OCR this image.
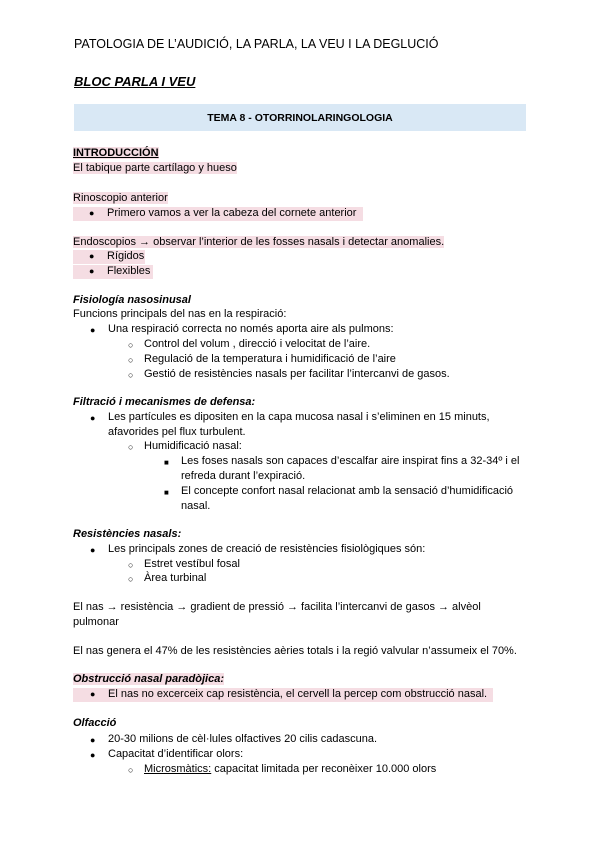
PATOLOGIA DE L’AUDICIÓ, LA PARLA, LA VEU I LA DEGLUCIÓ
BLOC PARLA I VEU
TEMA 8 - OTORRINOLARINGOLOGIA
INTRODUCCIÓN
El tabique parte cartílago y hueso
Rinoscopio anterior
● Primero vamos a ver la cabeza del cornete anterior
Endoscopios → observar l’interior de les fosses nasals i detectar anomalies.
● Rígidos
● Flexibles
Fisiología nasosinusal
Funcions principals del nas en la respiració:
● Una respiració correcta no només aporta aire als pulmons:
○ Control del volum , direcció i velocitat de l’aire.
○ Regulació de la temperatura i humidificació de l’aire
○ Gestió de resistències nasals per facilitar l’intercanvi de gasos.
Filtració i mecanismes de defensa:
● Les partícules es dipositen en la capa mucosa nasal i s’eliminen en 15 minuts,
afavorides pel flux turbulent.
○ Humidificació nasal:
■ Les foses nasals son capaces d’escalfar aire inspirat fins a 32-34º i el
refreda durant l’expiració.
■ El concepte confort nasal relacionat amb la sensació d’humidificació
nasal.
Resistències nasals:
● Les principals zones de creació de resistències fisiològiques són:
○ Estret vestíbul fosal
○ Àrea turbinal
El nas → resistència → gradient de pressió → facilita l’intercanvi de gasos → alvèol
pulmonar
El nas genera el 47% de les resistències aèries totals i la regió valvular n’assumeix el 70%.
Obstrucció nasal paradòjica:
● El nas no excerceix cap resistència, el cervell la percep com obstrucció nasal.
Olfacció
● 20-30 milions de cèl·lules olfactives 20 cilis cadascuna.
● Capacitat d’identificar olors:
○ Microsmàtics: capacitat limitada per reconèixer 10.000 olors
